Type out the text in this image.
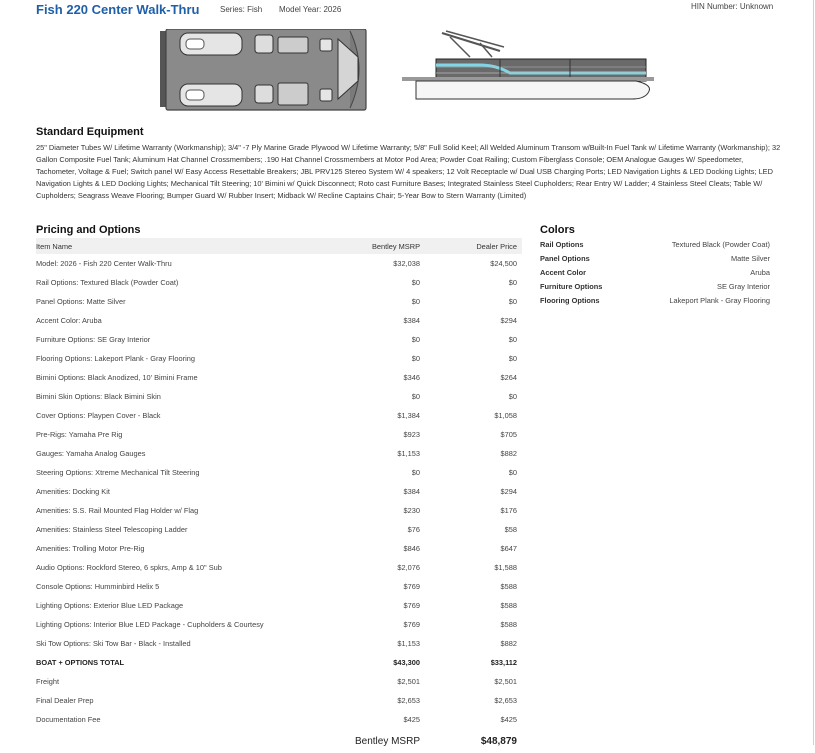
Fish 220 Center Walk-Thru	Series: Fish Model Year: 2026	HIN Number: Unknown
Standard Equipment
25" Diameter Tubes W/ Lifetime Warranty (Workmanship); 3/4" -7 Ply Marine Grade Plywood W/ Lifetime Warranty; 5/8" Full Solid Keel; All Welded Aluminum Transom w/Built-In Fuel Tank w/ Lifetime Warranty (Workmanship); 32 Gallon Composite Fuel Tank; Aluminum Hat Channel Crossmembers; .190 Hat Channel Crossmembers at Motor Pod Area; Powder Coat Railing; Custom Fiberglass Console; OEM Analogue Gauges W/ Speedometer, Tachometer, Voltage & Fuel; Switch panel W/ Easy Access Resettable Breakers; JBL PRV125 Stereo System W/ 4 speakers; 12 Volt Receptacle w/ Dual USB Charging Ports; LED Navigation Lights & LED Docking Lights; LED Navigation Lights & LED Docking Lights; Mechanical Tilt Steering; 10' Bimini w/ Quick Disconnect; Roto cast Furniture Bases; Integrated Stainless Steel Cupholders; Rear Entry W/ Ladder; 4 Stainless Steel Cleats; Table W/ Cupholders; Seagrass Weave Flooring; Bumper Guard W/ Rubber Insert; Midback W/ Recline Captains Chair; 5-Year Bow to Stern Warranty (Limited)
Pricing and Options
Item Name	Bentley MSRP	Dealer Price
Model: 2026 - Fish 220 Center Walk-Thru	$32,038	$24,500
Rail Options: Textured Black (Powder Coat)	$0	$0
Panel Options: Matte Silver	$0	$0
Accent Color: Aruba	$384	$294
Furniture Options: SE Gray Interior	$0	$0
Flooring Options: Lakeport Plank - Gray Flooring	$0	$0
Bimini Options: Black Anodized, 10' Bimini Frame	$346	$264
Bimini Skin Options: Black Bimini Skin	$0	$0
Cover Options: Playpen Cover - Black	$1,384	$1,058
Pre-Rigs: Yamaha Pre Rig	$923	$705
Gauges: Yamaha Analog Gauges	$1,153	$882
Steering Options: Xtreme Mechanical Tilt Steering	$0	$0
Amenities: Docking Kit	$384	$294
Amenities: S.S. Rail Mounted Flag Holder w/ Flag	$230	$176
Amenities: Stainless Steel Telescoping Ladder	$76	$58
Amenities: Trolling Motor Pre-Rig	$846	$647
Audio Options: Rockford Stereo, 6 spkrs, Amp & 10" Sub	$2,076	$1,588
Console Options: Humminbird Helix 5	$769	$588
Lighting Options: Exterior Blue LED Package	$769	$588
Lighting Options: Interior Blue LED Package - Cupholders & Courtesy	$769	$588
Ski Tow Options: Ski Tow Bar - Black - Installed	$1,153	$882
BOAT + OPTIONS TOTAL	$43,300	$33,112
Freight	$2,501	$2,501
Final Dealer Prep	$2,653	$2,653
Documentation Fee	$425	$425
	Bentley MSRP	$48,879
Colors
Rail Options	Textured Black (Powder Coat)
Panel Options	Matte Silver
Accent Color	Aruba
Furniture Options	SE Gray Interior
Flooring Options	Lakeport Plank - Gray Flooring
